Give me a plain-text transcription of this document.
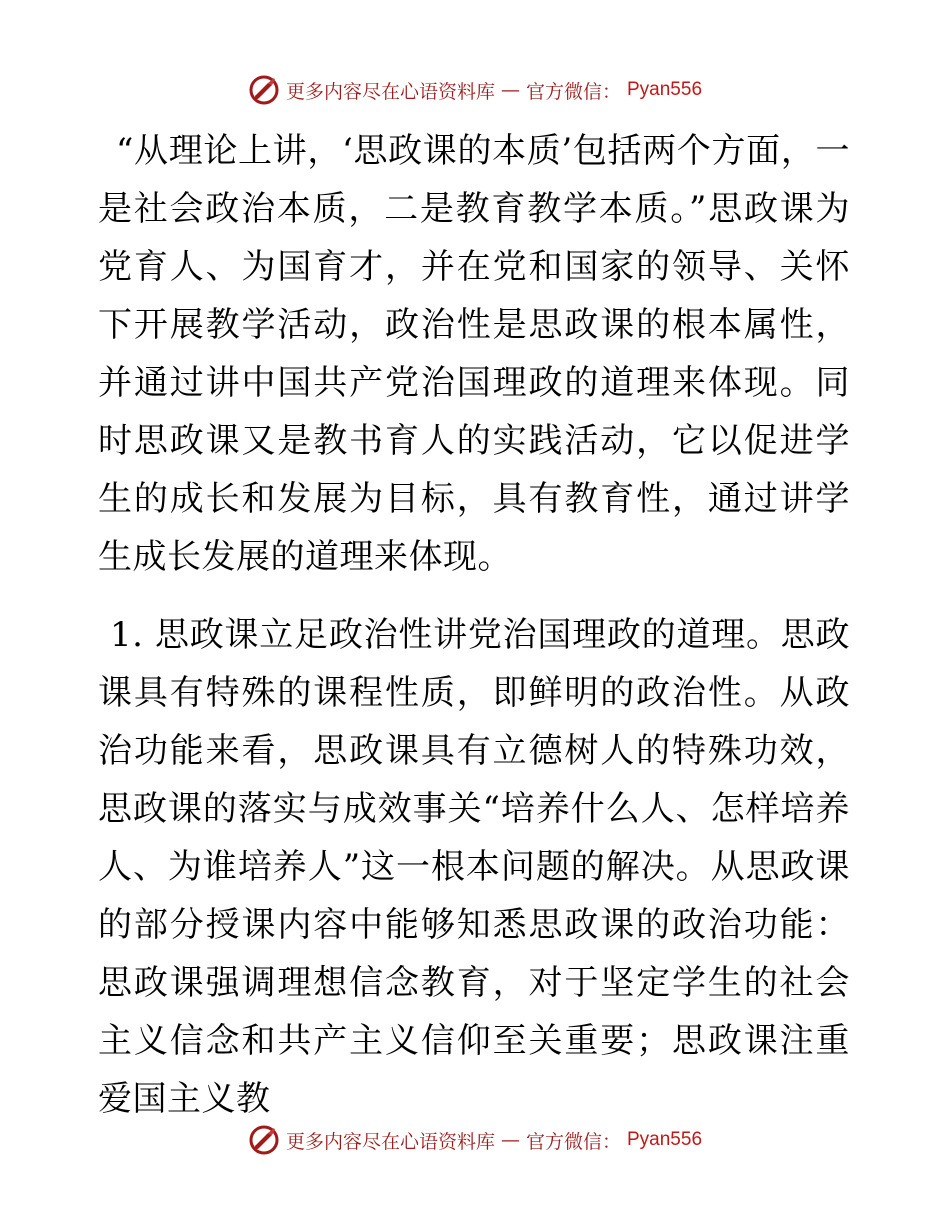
更多内容尽在心语资料库 — 官方微信： Pyan556

“从理论上讲，‘思政课的本质’包括两个方面，一是社会政治本质，二是教育教学本质。”思政课为党育人、为国育才，并在党和国家的领导、关怀下开展教学活动，政治性是思政课的根本属性，并通过讲中国共产党治国理政的道理来体现。同时思政课又是教书育人的实践活动，它以促进学生的成长和发展为目标，具有教育性，通过讲学生成长发展的道理来体现。

1. 思政课立足政治性讲党治国理政的道理。思政课具有特殊的课程性质，即鲜明的政治性。从政治功能来看，思政课具有立德树人的特殊功效，思政课的落实与成效事关“培养什么人、怎样培养人、为谁培养人”这一根本问题的解决。从思政课的部分授课内容中能够知悉思政课的政治功能：思政课强调理想信念教育，对于坚定学生的社会主义信念和共产主义信仰至关重要；思政课注重爱国主义教

更多内容尽在心语资料库 — 官方微信： Pyan556
